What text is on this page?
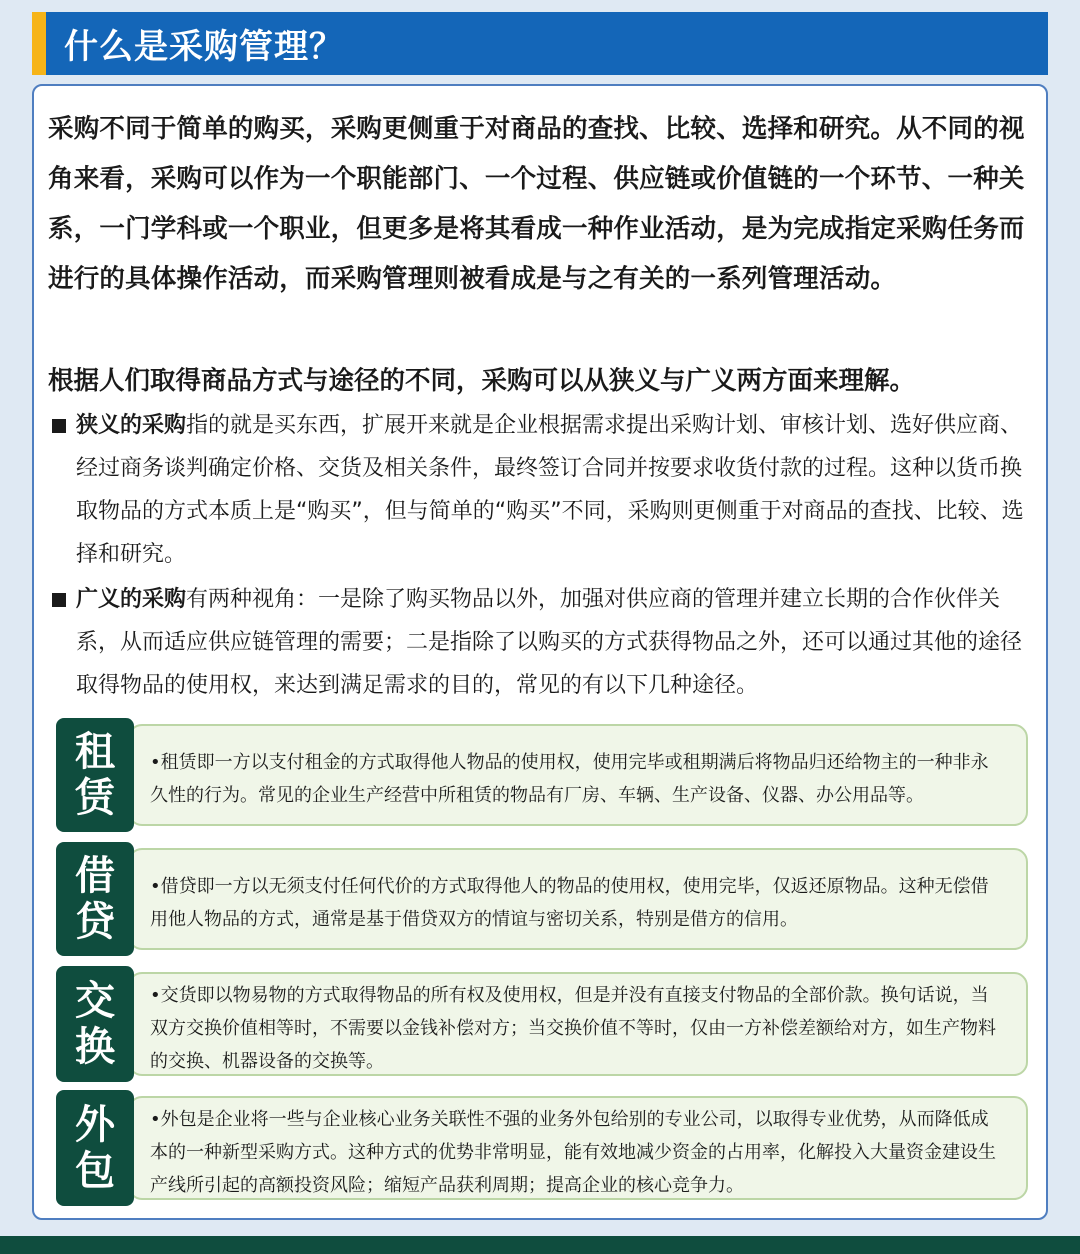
什么是采购管理？
采购不同于简单的购买，采购更侧重于对商品的查找、比较、选择和研究。从不同的视角来看，采购可以作为一个职能部门、一个过程、供应链或价值链的一个环节、一种关系，一门学科或一个职业，但更多是将其看成一种作业活动，是为完成指定采购任务而进行的具体操作活动，而采购管理则被看成是与之有关的一系列管理活动。
根据人们取得商品方式与途径的不同，采购可以从狭义与广义两方面来理解。
狭义的采购指的就是买东西，扩展开来就是企业根据需求提出采购计划、审核计划、选好供应商、经过商务谈判确定价格、交货及相关条件，最终签订合同并按要求收货付款的过程。这种以货币换取物品的方式本质上是“购买”，但与简单的“购买”不同，采购则更侧重于对商品的查找、比较、选择和研究。
广义的采购有两种视角：一是除了购买物品以外，加强对供应商的管理并建立长期的合作伙伴关系，从而适应供应链管理的需要；二是指除了以购买的方式获得物品之外，还可以通过其他的途径取得物品的使用权，来达到满足需求的目的，常见的有以下几种途径。
租
赁
•租赁即一方以支付租金的方式取得他人物品的使用权，使用完毕或租期满后将物品归还给物主的一种非永久性的行为。常见的企业生产经营中所租赁的物品有厂房、车辆、生产设备、仪器、办公用品等。
借
贷
•借贷即一方以无须支付任何代价的方式取得他人的物品的使用权，使用完毕，仅返还原物品。这种无偿借用他人物品的方式，通常是基于借贷双方的情谊与密切关系，特别是借方的信用。
交
换
•交货即以物易物的方式取得物品的所有权及使用权，但是并没有直接支付物品的全部价款。换句话说，当双方交换价值相等时，不需要以金钱补偿对方；当交换价值不等时，仅由一方补偿差额给对方，如生产物料的交换、机器设备的交换等。
外
包
•外包是企业将一些与企业核心业务关联性不强的业务外包给别的专业公司，以取得专业优势，从而降低成本的一种新型采购方式。这种方式的优势非常明显，能有效地减少资金的占用率，化解投入大量资金建设生产线所引起的高额投资风险；缩短产品获利周期；提高企业的核心竞争力。
